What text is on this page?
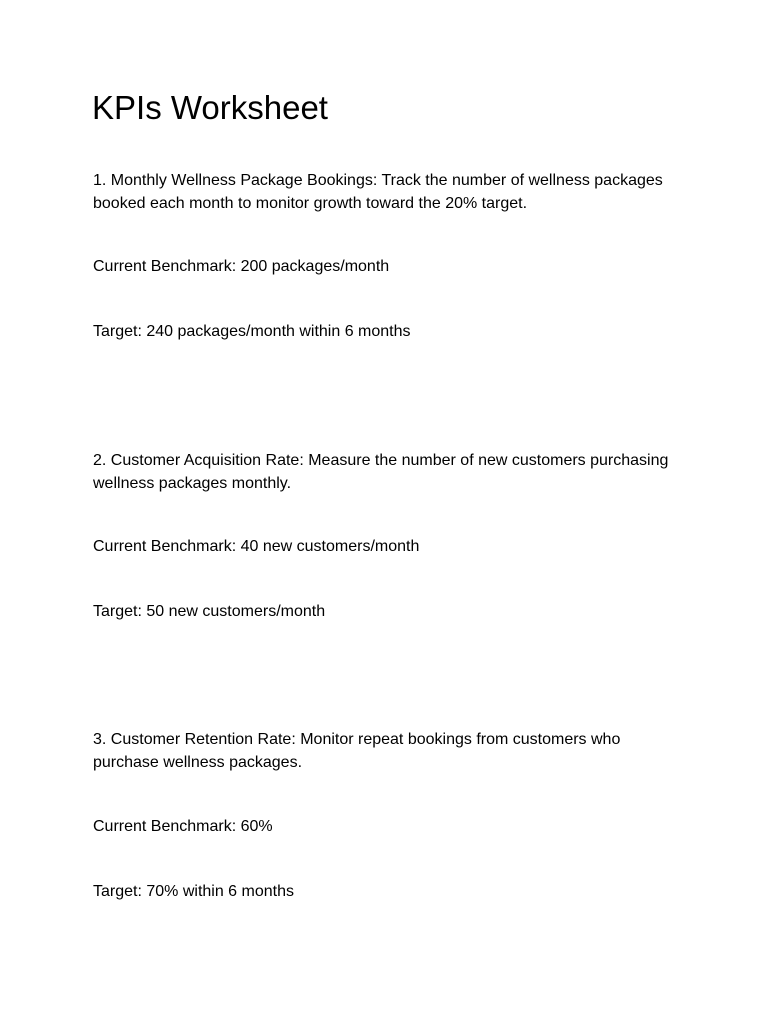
KPIs Worksheet

1. Monthly Wellness Package Bookings: Track the number of wellness packages booked each month to monitor growth toward the 20% target.

Current Benchmark: 200 packages/month

Target: 240 packages/month within 6 months

2. Customer Acquisition Rate: Measure the number of new customers purchasing wellness packages monthly.

Current Benchmark: 40 new customers/month

Target: 50 new customers/month

3. Customer Retention Rate: Monitor repeat bookings from customers who purchase wellness packages.

Current Benchmark: 60%

Target: 70% within 6 months
